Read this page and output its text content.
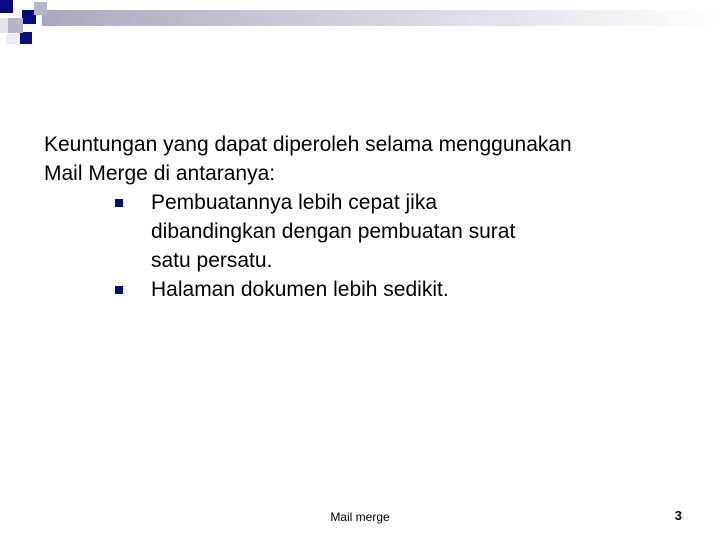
Keuntungan yang dapat diperoleh selama menggunakan
Mail Merge di antaranya:

Pembuatannya lebih cepat jika dibandingkan dengan pembuatan surat satu persatu.
Halaman dokumen lebih sedikit.
Mail merge	3
